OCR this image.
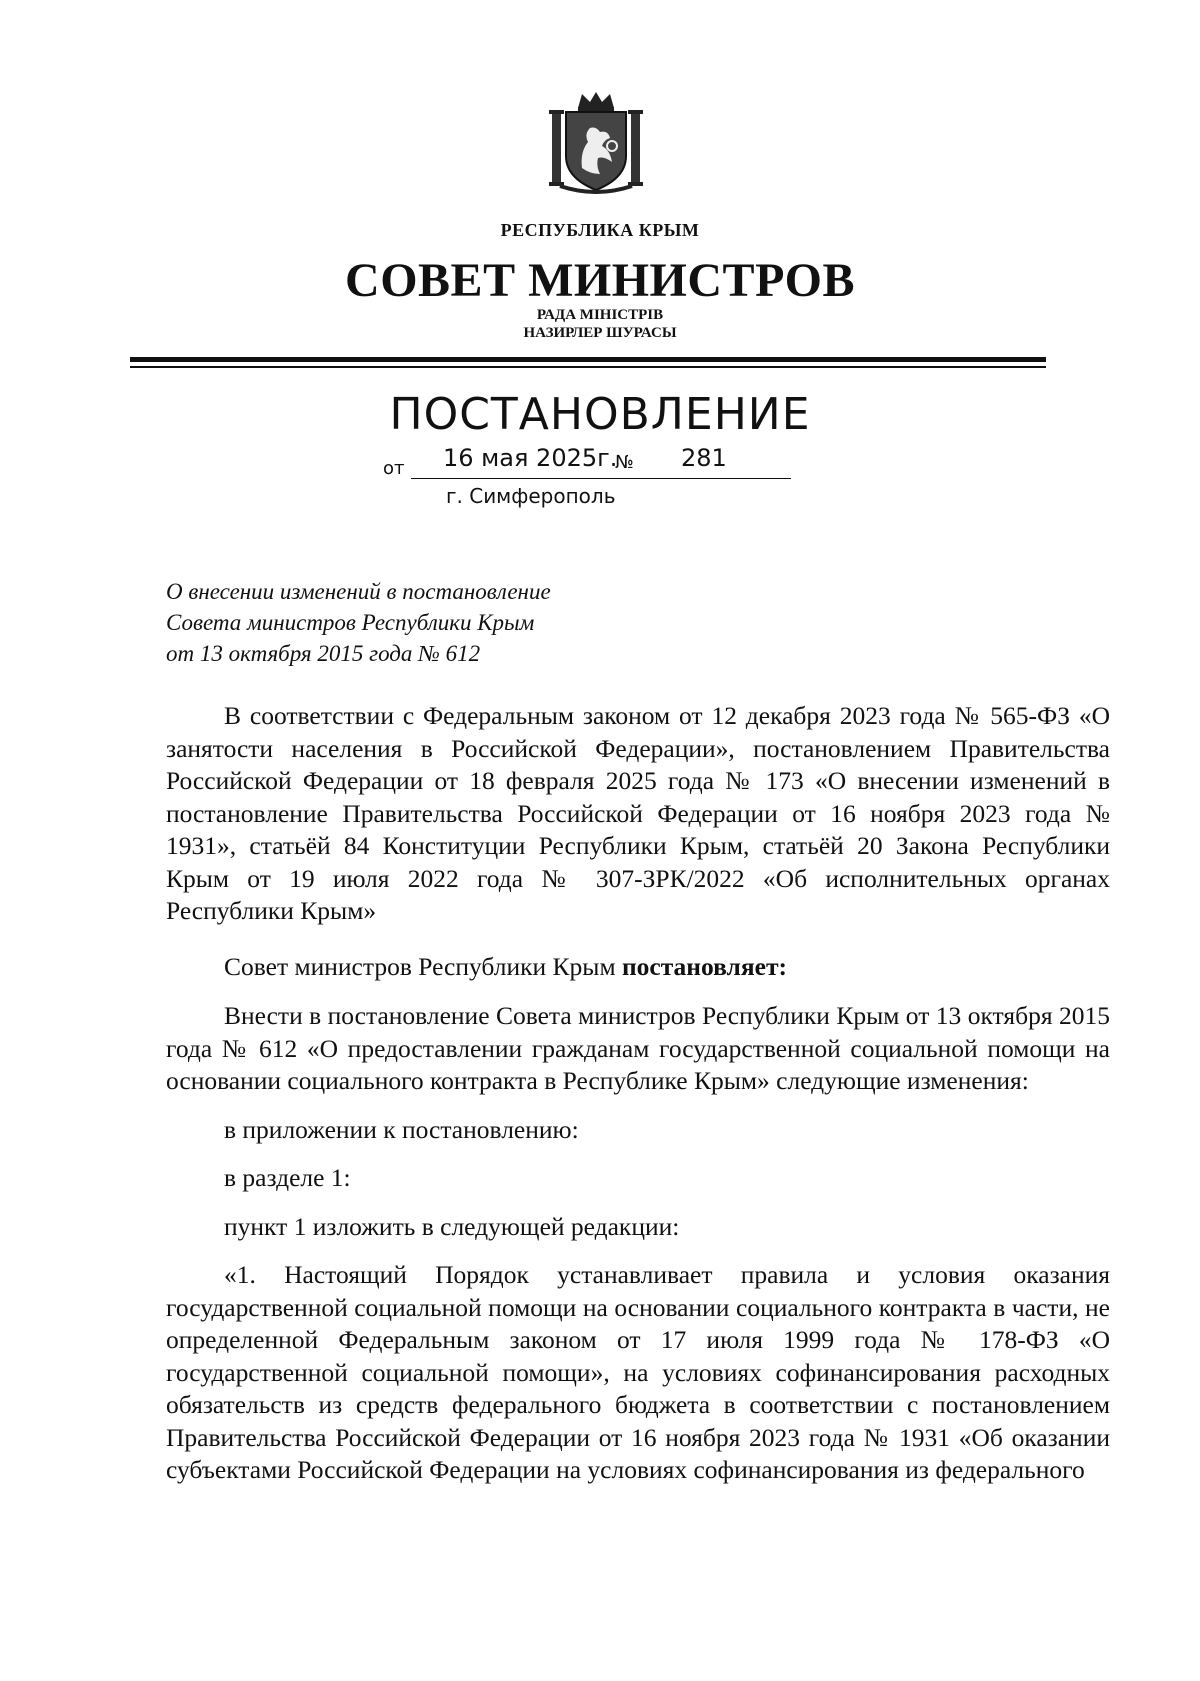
РЕСПУБЛИКА КРЫМ
СОВЕТ МИНИСТРОВ
РАДА МІНІСТРІВ
НАЗИРЛЕР ШУРАСЫ
ПОСТАНОВЛЕНИЕ
от 16 мая 2025г.
№ 281
г. Симферополь
О внесении изменений в постановление
Совета министров Республики Крым
от 13 октября 2015 года № 612

В соответствии с Федеральным законом от 12 декабря 2023 года № 565-ФЗ «О занятости населения в Российской Федерации», постановлением Правительства Российской Федерации от 18 февраля 2025 года № 173 «О внесении изменений в постановление Правительства Российской Федерации от 16 ноября 2023 года № 1931», статьёй 84 Конституции Республики Крым, статьёй 20 Закона Республики Крым от 19 июля 2022 года № 307-ЗРК/2022 «Об исполнительных органах Республики Крым»

Совет министров Республики Крым постановляет:

Внести в постановление Совета министров Республики Крым от 13 октября 2015 года № 612 «О предоставлении гражданам государственной социальной помощи на основании социального контракта в Республике Крым» следующие изменения:

в приложении к постановлению:

в разделе 1:

пункт 1 изложить в следующей редакции:

«1. Настоящий Порядок устанавливает правила и условия оказания государственной социальной помощи на основании социального контракта в части, не определенной Федеральным законом от 17 июля 1999 года № 178-ФЗ «О государственной социальной помощи», на условиях софинансирования расходных обязательств из средств федерального бюджета в соответствии с постановлением Правительства Российской Федерации от 16 ноября 2023 года № 1931 «Об оказании субъектами Российской Федерации на условиях софинансирования из федерального
